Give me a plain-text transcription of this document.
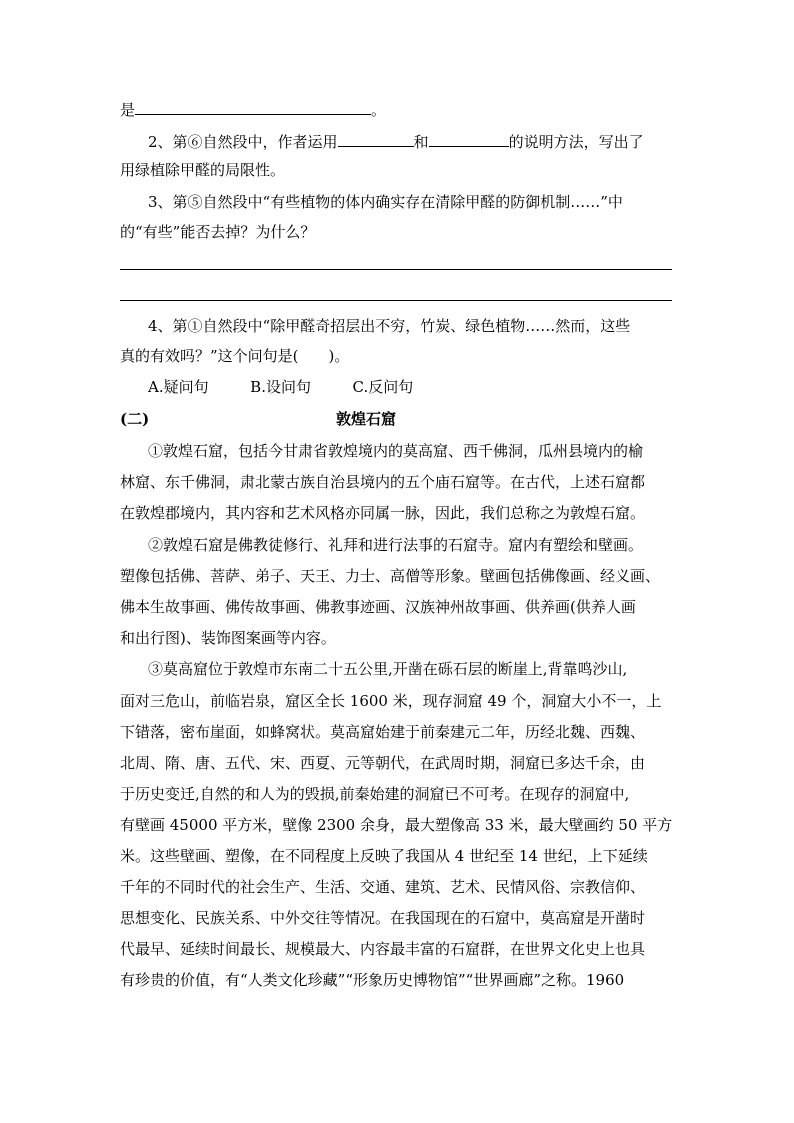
是	。
2、第⑥自然段中，作者运用	和	的说明方法，写出了
用绿植除甲醛的局限性。
3、第⑤自然段中“有些植物的体内确实存在清除甲醛的防御机制……”中
的“有些”能否去掉？为什么？
4、第①自然段中“除甲醛奇招层出不穷，竹炭、绿色植物……然而，这些
真的有效吗？”这个问句是(　　)。
A.疑问句	B.设问句	C.反问句
(二)	敦煌石窟
①敦煌石窟，包括今甘肃省敦煌境内的莫高窟、西千佛洞，瓜州县境内的榆
林窟、东千佛洞，肃北蒙古族自治县境内的五个庙石窟等。在古代，上述石窟都
在敦煌郡境内，其内容和艺术风格亦同属一脉，因此，我们总称之为敦煌石窟。
②敦煌石窟是佛教徒修行、礼拜和进行法事的石窟寺。窟内有塑绘和壁画。
塑像包括佛、菩萨、弟子、天王、力士、高僧等形象。壁画包括佛像画、经义画、
佛本生故事画、佛传故事画、佛教事迹画、汉族神州故事画、供养画(供养人画
和出行图)、装饰图案画等内容。
③莫高窟位于敦煌市东南二十五公里,开凿在砾石层的断崖上,背靠鸣沙山,
面对三危山，前临岩泉，窟区全长 1600 米，现存洞窟 49 个，洞窟大小不一，上
下错落，密布崖面，如蜂窝状。莫高窟始建于前秦建元二年，历经北魏、西魏、
北周、隋、唐、五代、宋、西夏、元等朝代，在武周时期，洞窟已多达千余，由
于历史变迁,自然的和人为的毁损,前秦始建的洞窟已不可考。在现存的洞窟中,
有壁画 45000 平方米，壁像 2300 余身，最大塑像高 33 米，最大壁画约 50 平方
米。这些壁画、塑像，在不同程度上反映了我国从 4 世纪至 14 世纪，上下延续
千年的不同时代的社会生产、生活、交通、建筑、艺术、民情风俗、宗教信仰、
思想变化、民族关系、中外交往等情况。在我国现在的石窟中，莫高窟是开凿时
代最早、延续时间最长、规模最大、内容最丰富的石窟群，在世界文化史上也具
有珍贵的价值，有“人类文化珍藏”“形象历史博物馆”“世界画廊”之称。1960
